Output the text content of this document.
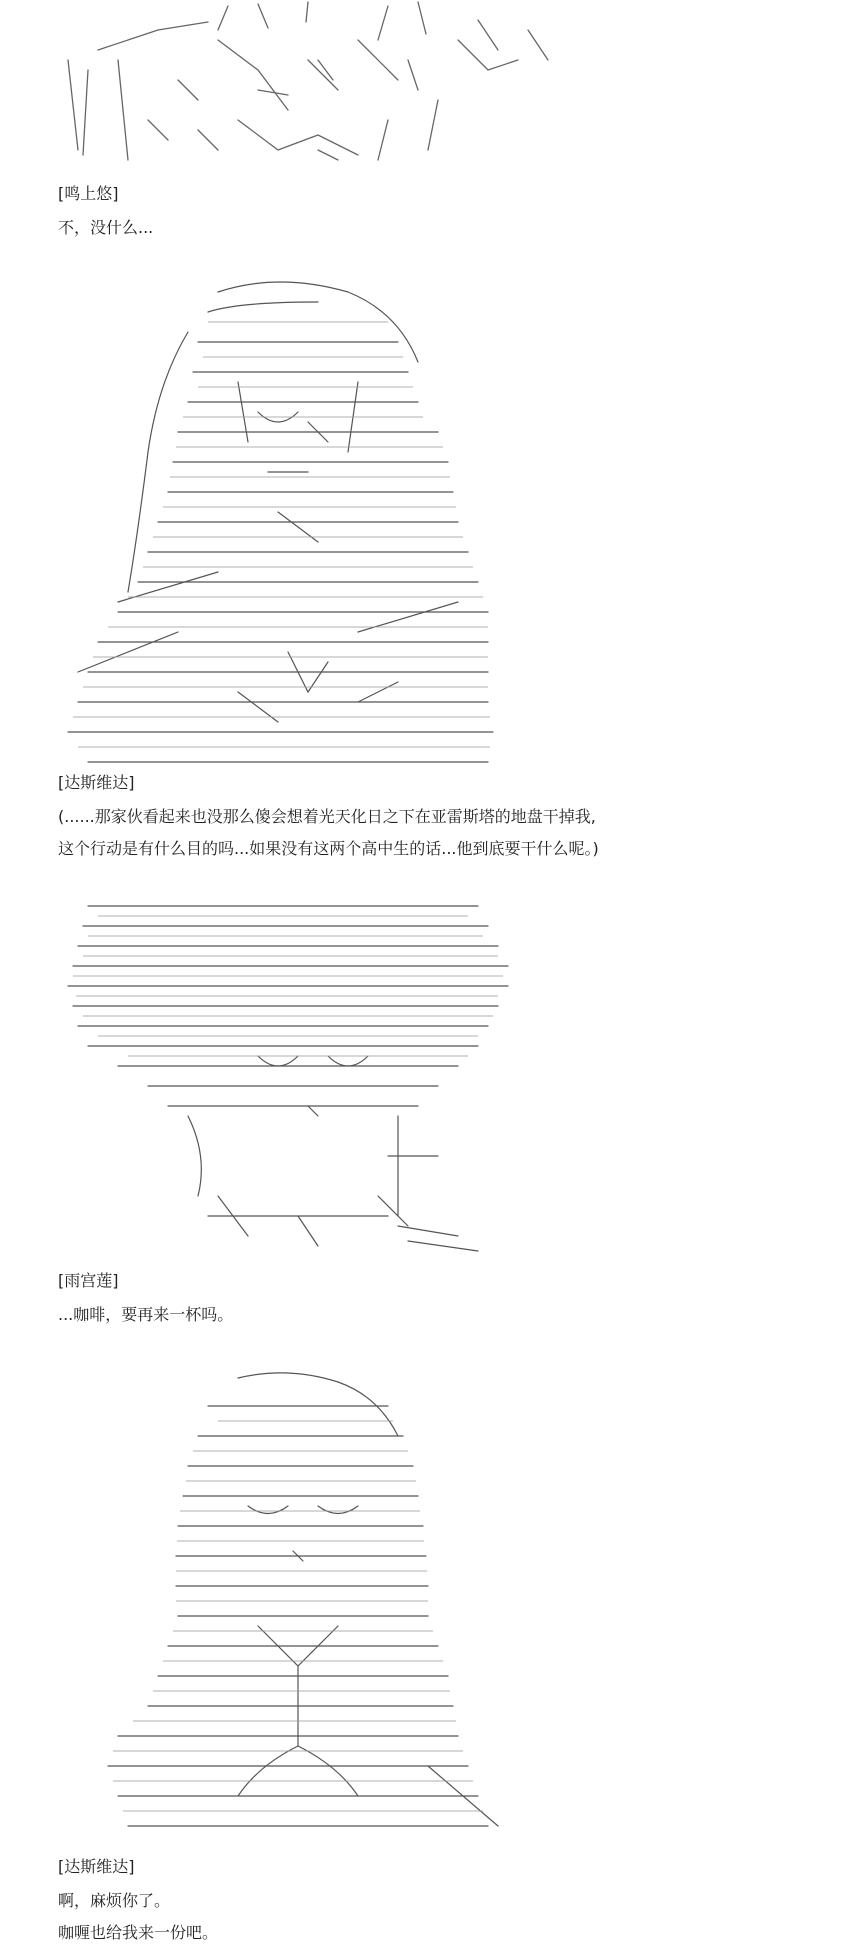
[鸣上悠]
不，没什么...
[达斯维达]
(......那家伙看起来也没那么傻会想着光天化日之下在亚雷斯塔的地盘干掉我,
这个行动是有什么目的吗...如果没有这两个高中生的话...他到底要干什么呢。)
[雨宫莲]
...咖啡，要再来一杯吗。
[达斯维达]
啊，麻烦你了。
咖喱也给我来一份吧。
